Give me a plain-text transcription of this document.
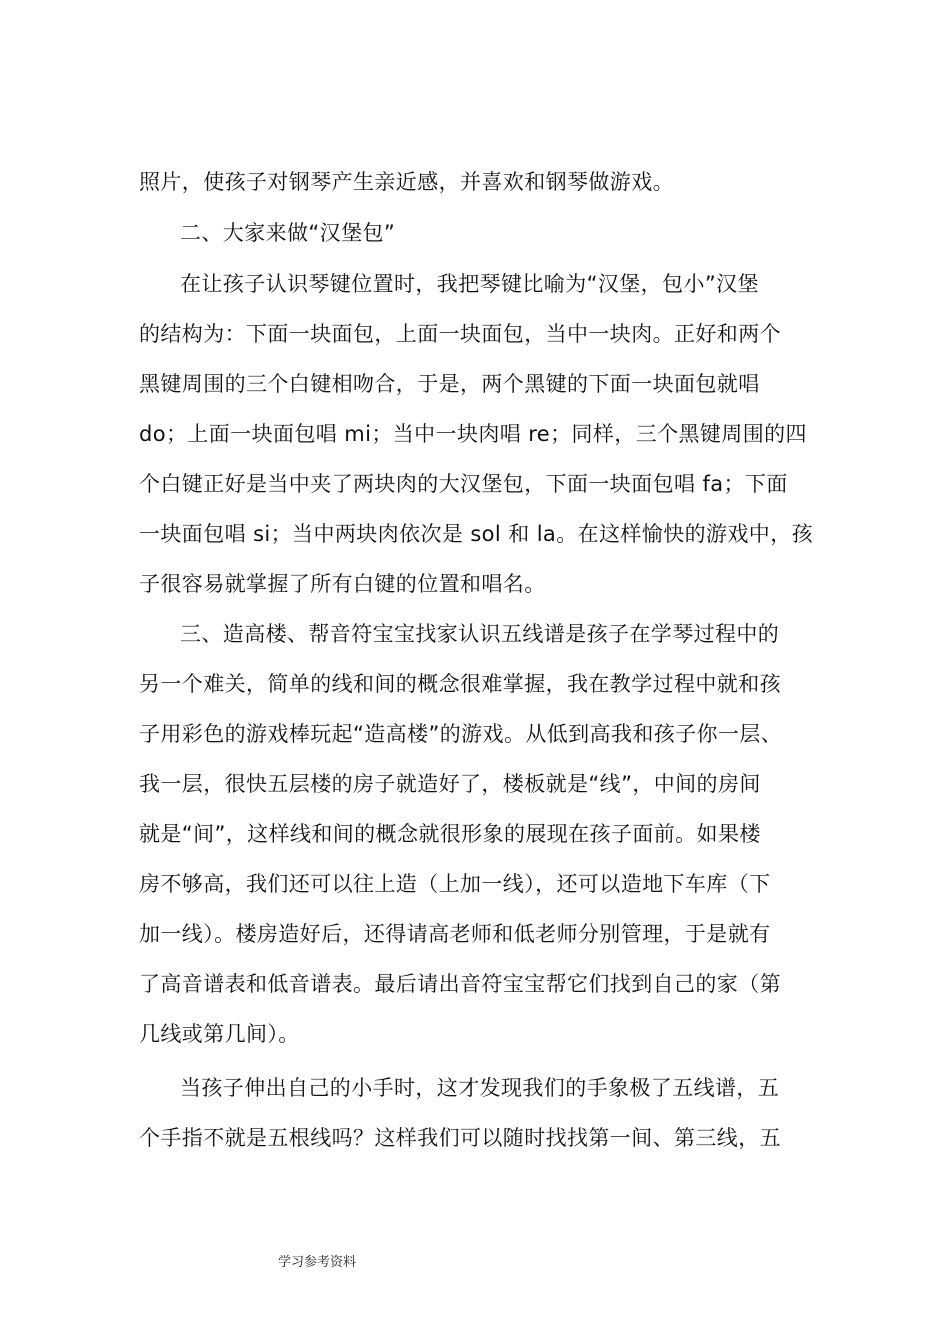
照片，使孩子对钢琴产生亲近感，并喜欢和钢琴做游戏。
二、大家来做“汉堡包”
在让孩子认识琴键位置时，我把琴键比喻为“汉堡，包小”汉堡
的结构为：下面一块面包，上面一块面包，当中一块肉。正好和两个
黑键周围的三个白键相吻合，于是，两个黑键的下面一块面包就唱
do；上面一块面包唱 mi；当中一块肉唱 re；同样，三个黑键周围的四
个白键正好是当中夹了两块肉的大汉堡包，下面一块面包唱 fa；下面
一块面包唱 si；当中两块肉依次是 sol 和 la。在这样愉快的游戏中，孩
子很容易就掌握了所有白键的位置和唱名。
三、造高楼、帮音符宝宝找家认识五线谱是孩子在学琴过程中的
另一个难关，简单的线和间的概念很难掌握，我在教学过程中就和孩
子用彩色的游戏棒玩起“造高楼”的游戏。从低到高我和孩子你一层、
我一层，很快五层楼的房子就造好了，楼板就是“线”，中间的房间
就是“间”，这样线和间的概念就很形象的展现在孩子面前。如果楼
房不够高，我们还可以往上造（上加一线），还可以造地下车库（下
加一线）。楼房造好后，还得请高老师和低老师分别管理，于是就有
了高音谱表和低音谱表。最后请出音符宝宝帮它们找到自己的家（第
几线或第几间）。
当孩子伸出自己的小手时，这才发现我们的手象极了五线谱，五
个手指不就是五根线吗？这样我们可以随时找找第一间、第三线，五
学习参考资料
